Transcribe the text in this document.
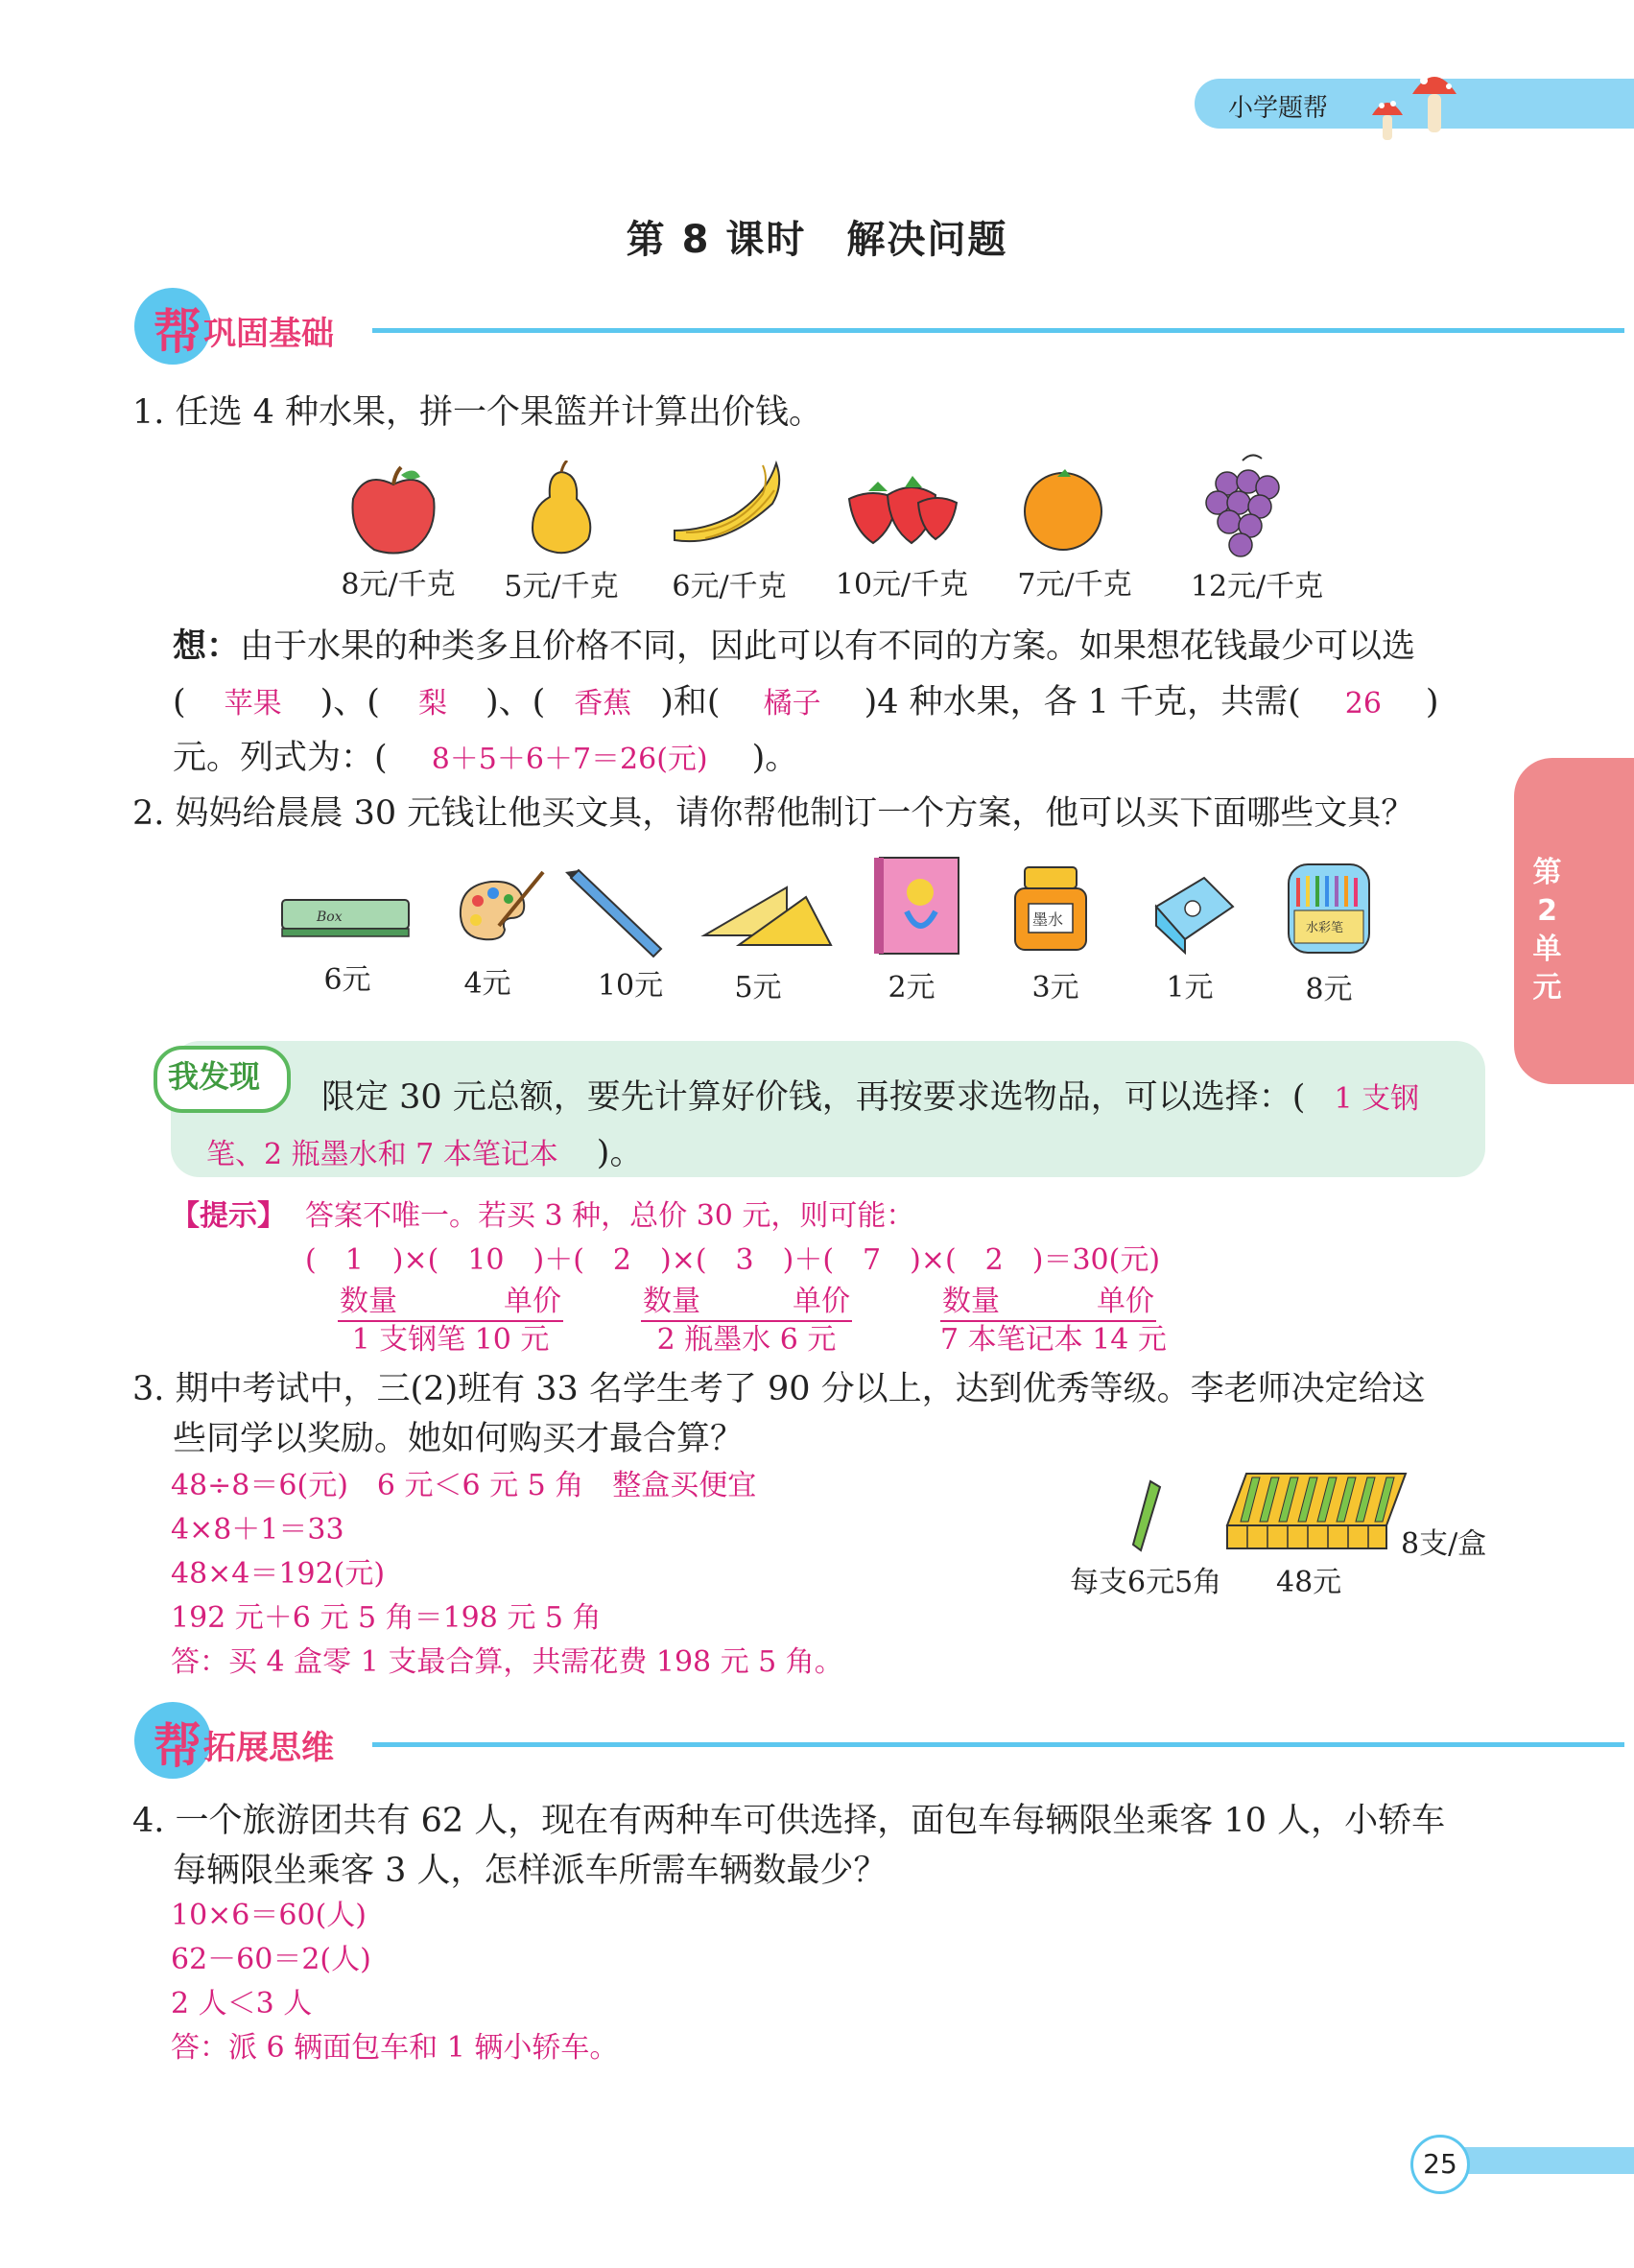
小学题帮
第 8 课时　解决问题
帮 巩固基础
1. 任选 4 种水果，拼一个果篮并计算出价钱。
8元/千克	5元/千克	6元/千克	10元/千克	7元/千克	12元/千克
想：由于水果的种类多且价格不同，因此可以有不同的方案。如果想花钱最少可以选
( 苹果 )、( 梨 )、( 香蕉 )和( 橘子 )4 种水果，各 1 千克，共需( 26 )
元。列式为：( 8＋5＋6＋7＝26(元) )。
第2单元
2. 妈妈给晨晨 30 元钱让他买文具，请你帮他制订一个方案，他可以买下面哪些文具？
Box	墨水	水彩笔
6元	4元	10元	5元	2元	3元	1元	8元
我发现
限定 30 元总额，要先计算好价钱，再按要求选物品，可以选择：( 1 支钢
笔、2 瓶墨水和 7 本笔记本 )。
【提示】 答案不唯一。若买 3 种，总价 30 元，则可能：
(　1　)×(　10　)＋(　2　)×(　3　)＋(　7　)×(　2　)＝30(元)
数量	单价
1 支钢笔 10 元
数量	单价
2 瓶墨水 6 元
数量	单价
7 本笔记本 14 元
3. 期中考试中，三(2)班有 33 名学生考了 90 分以上，达到优秀等级。李老师决定给这
些同学以奖励。她如何购买才最合算？
48÷8＝6(元)　6 元＜6 元 5 角　整盒买便宜
4×8＋1＝33
48×4＝192(元)
192 元＋6 元 5 角＝198 元 5 角
答：买 4 盒零 1 支最合算，共需花费 198 元 5 角。
8支/盒
每支6元5角 48元
帮 拓展思维
4. 一个旅游团共有 62 人，现在有两种车可供选择，面包车每辆限坐乘客 10 人，小轿车
每辆限坐乘客 3 人，怎样派车所需车辆数最少？
10×6＝60(人)
62－60＝2(人)
2 人＜3 人
答：派 6 辆面包车和 1 辆小轿车。
25
